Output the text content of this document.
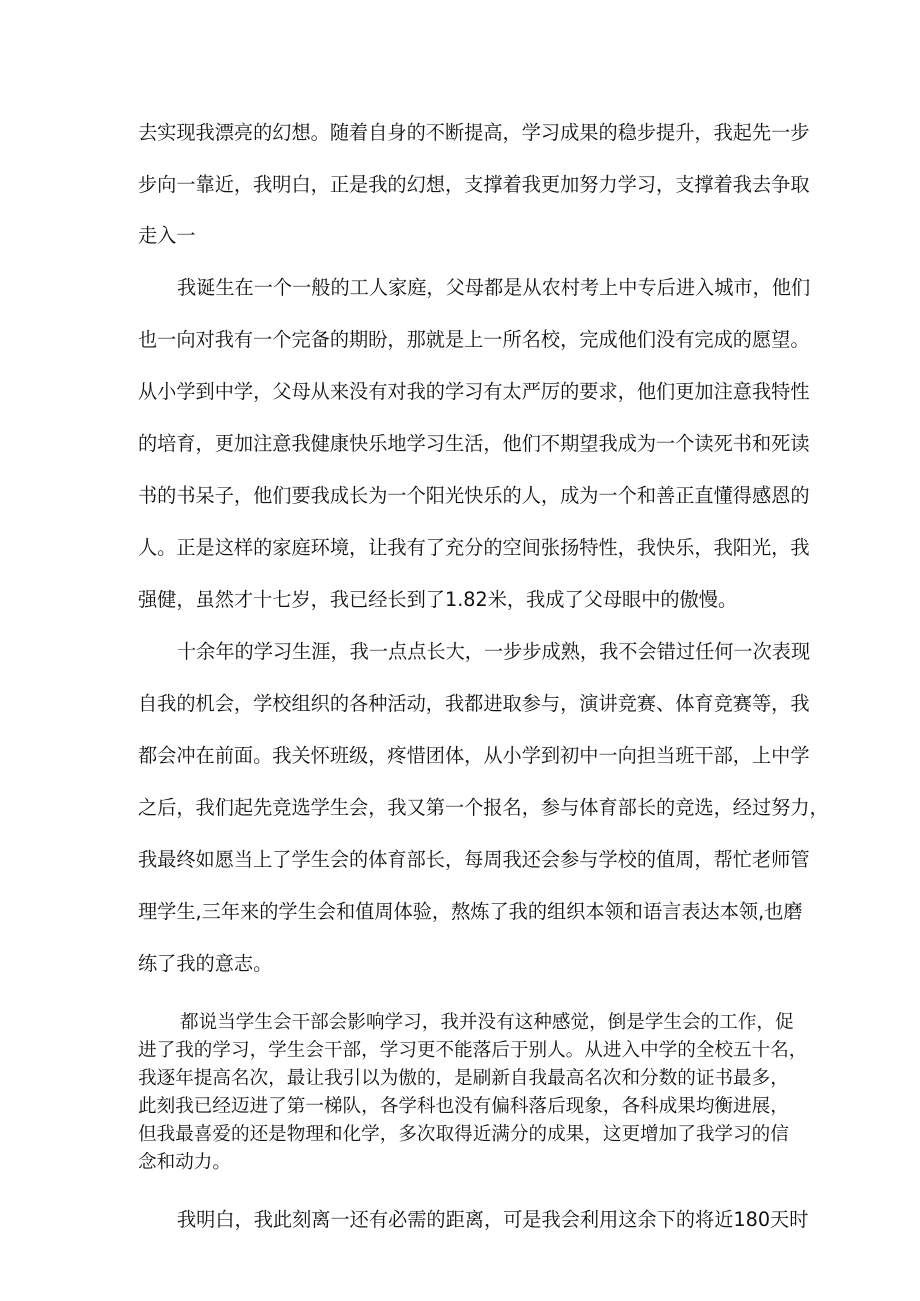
去实现我漂亮的幻想。随着自身的不断提高，学习成果的稳步提升，我起先一步
步向一靠近，我明白，正是我的幻想，支撑着我更加努力学习，支撑着我去争取
走入一
我诞生在一个一般的工人家庭，父母都是从农村考上中专后进入城市，他们
也一向对我有一个完备的期盼，那就是上一所名校，完成他们没有完成的愿望。
从小学到中学，父母从来没有对我的学习有太严厉的要求，他们更加注意我特性
的培育，更加注意我健康快乐地学习生活，他们不期望我成为一个读死书和死读
书的书呆子，他们要我成长为一个阳光快乐的人，成为一个和善正直懂得感恩的
人。正是这样的家庭环境，让我有了充分的空间张扬特性，我快乐，我阳光，我
强健，虽然才十七岁，我已经长到了1.82米，我成了父母眼中的傲慢。
十余年的学习生涯，我一点点长大，一步步成熟，我不会错过任何一次表现
自我的机会，学校组织的各种活动，我都进取参与，演讲竞赛、体育竞赛等，我
都会冲在前面。我关怀班级，疼惜团体，从小学到初中一向担当班干部，上中学
之后，我们起先竞选学生会，我又第一个报名，参与体育部长的竞选，经过努力，
我最终如愿当上了学生会的体育部长，每周我还会参与学校的值周，帮忙老师管
理学生,三年来的学生会和值周体验，熬炼了我的组织本领和语言表达本领,也磨
练了我的意志。
都说当学生会干部会影响学习，我并没有这种感觉，倒是学生会的工作，促
进了我的学习，学生会干部，学习更不能落后于别人。从进入中学的全校五十名，
我逐年提高名次，最让我引以为傲的，是刷新自我最高名次和分数的证书最多，
此刻我已经迈进了第一梯队，各学科也没有偏科落后现象，各科成果均衡进展，
但我最喜爱的还是物理和化学，多次取得近满分的成果，这更增加了我学习的信
念和动力。
我明白，我此刻离一还有必需的距离，可是我会利用这余下的将近180天时
